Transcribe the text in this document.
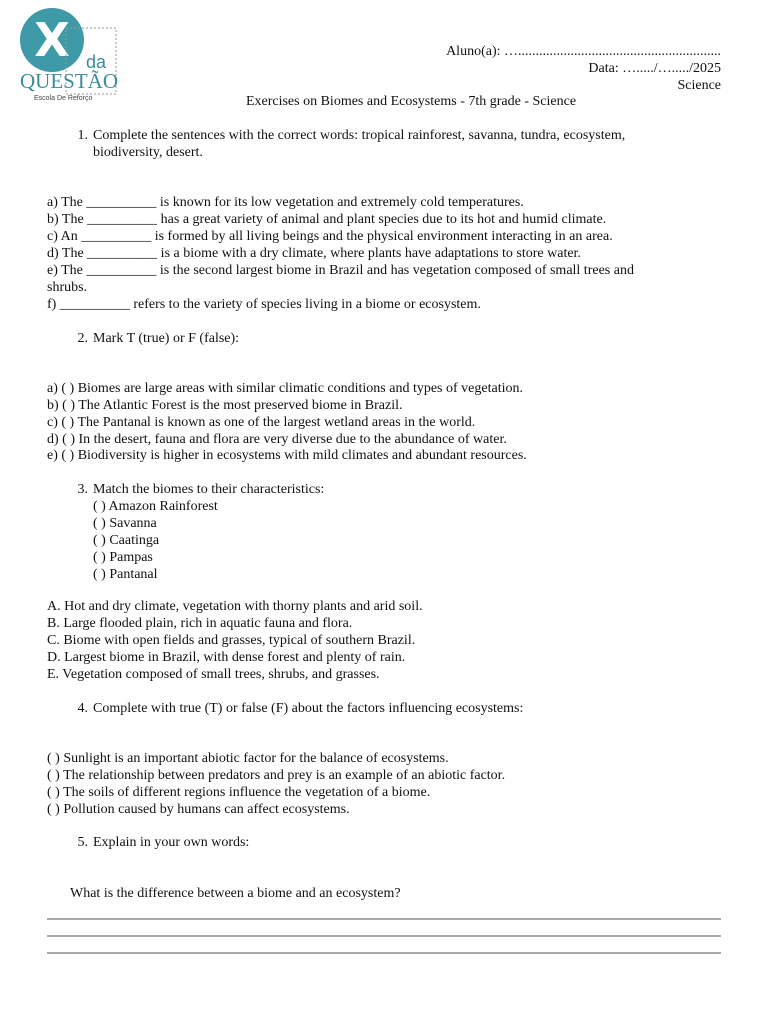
X da
QUESTÃO
Escola De Reforço
Aluno(a): …..........................................................
Data: …...../…...../2025
Science
Exercises on Biomes and Ecosystems - 7th grade - Science
1. Complete the sentences with the correct words: tropical rainforest, savanna, tundra, ecosystem,
biodiversity, desert.
a) The __________ is known for its low vegetation and extremely cold temperatures.
b) The __________ has a great variety of animal and plant species due to its hot and humid climate.
c) An __________ is formed by all living beings and the physical environment interacting in an area.
d) The __________ is a biome with a dry climate, where plants have adaptations to store water.
e) The __________ is the second largest biome in Brazil and has vegetation composed of small trees and
shrubs.
f) __________ refers to the variety of species living in a biome or ecosystem.
2. Mark T (true) or F (false):
a) ( ) Biomes are large areas with similar climatic conditions and types of vegetation.
b) ( ) The Atlantic Forest is the most preserved biome in Brazil.
c) ( ) The Pantanal is known as one of the largest wetland areas in the world.
d) ( ) In the desert, fauna and flora are very diverse due to the abundance of water.
e) ( ) Biodiversity is higher in ecosystems with mild climates and abundant resources.
3. Match the biomes to their characteristics:
( ) Amazon Rainforest
( ) Savanna
( ) Caatinga
( ) Pampas
( ) Pantanal
A. Hot and dry climate, vegetation with thorny plants and arid soil.
B. Large flooded plain, rich in aquatic fauna and flora.
C. Biome with open fields and grasses, typical of southern Brazil.
D. Largest biome in Brazil, with dense forest and plenty of rain.
E. Vegetation composed of small trees, shrubs, and grasses.
4. Complete with true (T) or false (F) about the factors influencing ecosystems:
( ) Sunlight is an important abiotic factor for the balance of ecosystems.
( ) The relationship between predators and prey is an example of an abiotic factor.
( ) The soils of different regions influence the vegetation of a biome.
( ) Pollution caused by humans can affect ecosystems.
5. Explain in your own words:
What is the difference between a biome and an ecosystem?
